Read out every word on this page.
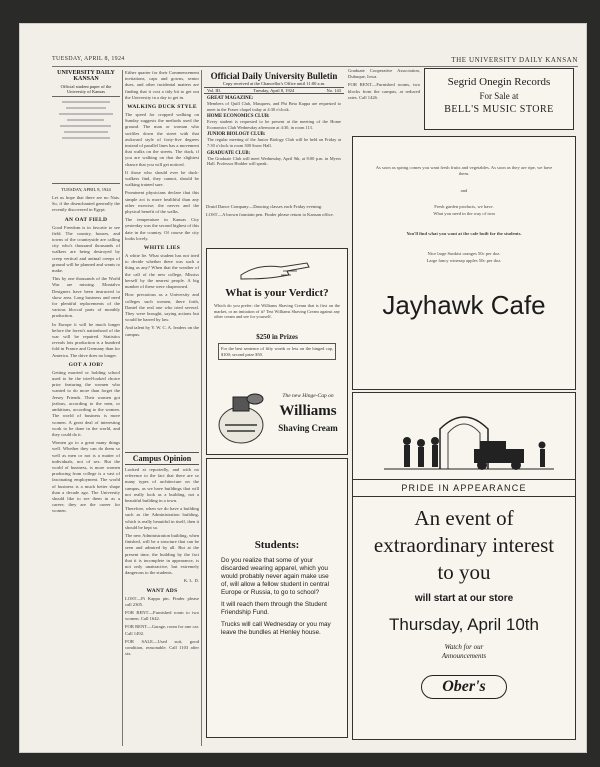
TUESDAY, APRIL 8, 1924	THE UNIVERSITY DAILY KANSAN
UNIVERSITY DAILY KANSAN
Official student paper of the University of Kansas
TUESDAY, APRIL 8, 1924

Let us hope that there are no Nats. So, if the disenchanted generally the recently discovered in Egypt.

AN OAT FIELD

Good Freedom is in favorite to see field. The country, houses, and towns of the countryside are calling city who's thousand thousands of walkers are being destroyed by creep vertical and animal creeps of ground will be planned and wants to make.

This by one thousands of the World War are missing. Montalvo Designers have been instructed to show area. Long business and need for plentiful replacements of the various bloccal parts of monthly production.

In Europe it will be much longer before the forest's nationhood of the war will be repaired. Statistics reveals lots production is a hundred fold in France and Germany than for America. The drive does no longer.

GOT A JOB?

Getting married or holding school used to be the tried-looked choice prior featuring the women who wanted to do more than forget the Jersey Friends. Their women got jealous, according to the men, or ambitions, according to the women. The world of business is more women. A great deal of interesting work to be done in the world, and they could do it.

Women go to a great many things well. Whether they can do them so well as men or not is a matter of individuals, not of sex. But the world of business, is more women producing from college is a vast of fascinating employment. The world of business is a much better shape than a decade ago. The University should like to see them in as a career; they are the career for women.

Either quarter for their Commencement invitations, caps and gowns, senior dues, and other incidental matters are finding that it cost a tidy bit to get out the University in a day to get in.

WALKING DUCK STYLE

The speed for cropped walking on Sunday suggests the methods used the ground. The man or woman who swiftles down the street with that awkward style of forty-five degrees instead of parallel lines has a movement that walks on the streets. The duck, if you are walking on that the slightest chance that you will get noticed.

If those who should ever be duck-walkers find, they cannot, should be walking trained sure.

Prominent physicians declare that this simple act is more healthful than any other exercise; the nerves and the physical benefit of the walks.

The temperature in Kansas City yesterday was the second highest of this date in the country. Of course the city looks lovely.

WHITE LIES

A white lie. What student has not tried to decide whether there was such a thing as any? When that the weather of the call of the new college, Mississ herself by the nearest people. A big number of these were chaperoned.

How precarious as a University and colleges such women, there forth, Daniel the real one who tried several. They were brought, saying actions but would be barred by law.

And talent by Y. W. C. A. leaders on the campus.

Campus Opinion

Looked at reportedly, and with no reference to the fact that there are so many types of architecture on the campus, as we have buildings that will not really look as a building, not a beautiful building in a town.

Therefore, when we do have a building such as the Administration building, which is really beautiful in itself, then it should be kept so.

The new Administration building, when finished, will be a structure that can be seen and admired by all. But at the present time, the building by the fact that it is incomplete in appearance, is not only unattractive, but extremely dangerous to the students.

K. L. D.

WANT ADS

LOST—Pi Kappa pin. Finder please call 2305.

FOR RENT—Furnished room to two women. Call 1642.

FOR RENT—Garage, room for one car. Call 1492.

FOR SALE—Used suit, good condition, reasonable. Call 1103 after six.

Official Daily University Bulletin
Copy received at the Chancellor's Office until 11:00 a.m.
Vol. III.	Tuesday, April 8, 1924	No. 143
GREAT MAGAZINE:
Members of Quill Club, Masquers, and Phi Beta Kappa are requested to meet in the Fraser chapel today at 4:30 o'clock.
HOME ECONOMICS CLUB:
Every student is requested to be present at the meeting of the Home Economics Club Wednesday afternoon at 4:30, in room 113.
JUNIOR BIOLOGY CLUB:
The regular meeting of the Junior Biology Club will be held on Friday at 7:30 o'clock in room 300 Snow Hall.
GRADUATE CLUB:
The Graduate Club will meet Wednesday, April 9th, at 8:00 p.m. in Myers Hall. Professor Hodder will speak.

Druid Dance Company—Dancing classes each Friday evening.

LOST—A brown fountain pen. Finder please return to Kansan office.

Graduate Cooperative Association, Dubuque, Iowa.

FOR RENT—Furnished rooms, two blocks from the campus, at reduced rates. Call 1426.

Segrid Onegin Records
For Sale at
BELL'S MUSIC STORE
What is your Verdict?
Which do you prefer: the Williams Shaving Cream that is first on the market, or an imitation of it? Test Williams Shaving Cream against any other cream and see for yourself.
$250 in Prizes
For the best sentence of fifty words or less on the hinged cap, $100; second prize $50.
The new Hinge-Cap on
Williams
Shaving Cream
Students:
Do you realize that some of your discarded wearing apparel, which you would probably never again make use of, will allow a fellow student in central Europe or Russia, to go to school?
It will reach them through the Student Friendship Fund.
Trucks will call Wednesday or you may leave the bundles at Henley house.
As soon as spring comes you want fresh fruits and vegetables. As soon as they are ripe, we have them.
and
Fresh garden products, we have.
What you need in the way of iron
You'll find what you want at the cafe built for the students.
Nice large Sunkist oranges 50c per doz.
Large fancy winesap apples 50c per doz.
Jayhawk Cafe
PRIDE IN APPEARANCE
An event of extraordinary interest to you
will start at our store
Thursday, April 10th
Watch for our Announcements
Ober's
